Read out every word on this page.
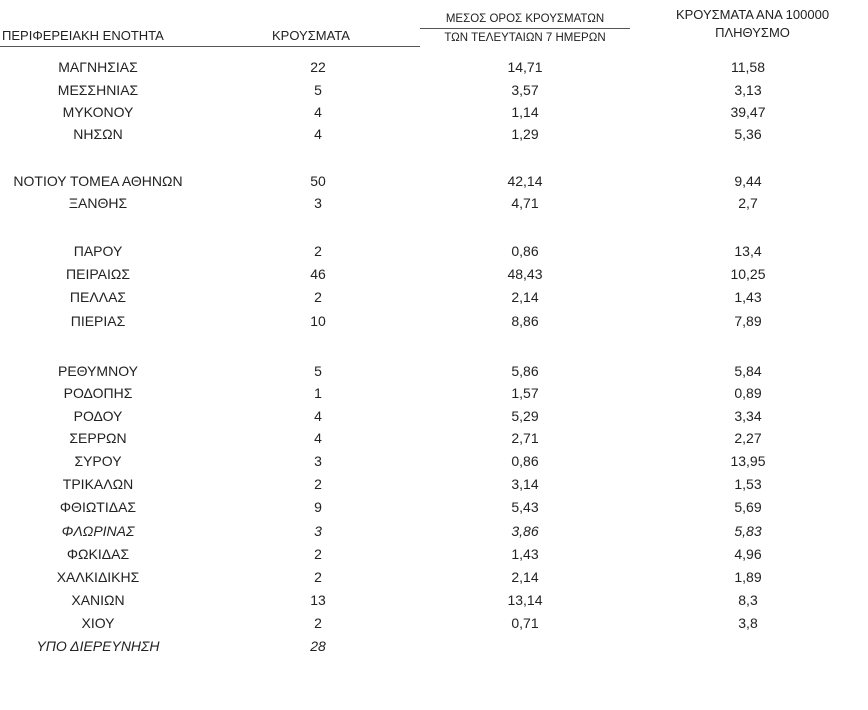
ΠΕΡΙΦΕΡΕΙΑΚΗ ΕΝΟΤΗΤΑ	ΚΡΟΥΣΜΑΤΑ
ΜΕΣΟΣ ΟΡΟΣ ΚΡΟΥΣΜΑΤΩΝ
ΤΩΝ ΤΕΛΕΥΤΑΙΩΝ 7 ΗΜΕΡΩΝ
ΚΡΟΥΣΜΑΤΑ ΑΝΑ 100000
ΠΛΗΘΥΣΜΟ
ΜΑΓΝΗΣΙΑΣ	22	14,71	11,58
ΜΕΣΣΗΝΙΑΣ	5	3,57	3,13
ΜΥΚΟΝΟΥ	4	1,14	39,47
ΝΗΣΩΝ	4	1,29	5,36
ΝΟΤΙΟΥ ΤΟΜΕΑ ΑΘΗΝΩΝ	50	42,14	9,44
ΞΑΝΘΗΣ	3	4,71	2,7
ΠΑΡΟΥ	2	0,86	13,4
ΠΕΙΡΑΙΩΣ	46	48,43	10,25
ΠΕΛΛΑΣ	2	2,14	1,43
ΠΙΕΡΙΑΣ	10	8,86	7,89
ΡΕΘΥΜΝΟΥ	5	5,86	5,84
ΡΟΔΟΠΗΣ	1	1,57	0,89
ΡΟΔΟΥ	4	5,29	3,34
ΣΕΡΡΩΝ	4	2,71	2,27
ΣΥΡΟΥ	3	0,86	13,95
ΤΡΙΚΑΛΩΝ	2	3,14	1,53
ΦΘΙΩΤΙΔΑΣ	9	5,43	5,69
ΦΛΩΡΙΝΑΣ	3	3,86	5,83
ΦΩΚΙΔΑΣ	2	1,43	4,96
ΧΑΛΚΙΔΙΚΗΣ	2	2,14	1,89
ΧΑΝΙΩΝ	13	13,14	8,3
ΧΙΟΥ	2	0,71	3,8
ΥΠΟ ΔΙΕΡΕΥΝΗΣΗ	28
